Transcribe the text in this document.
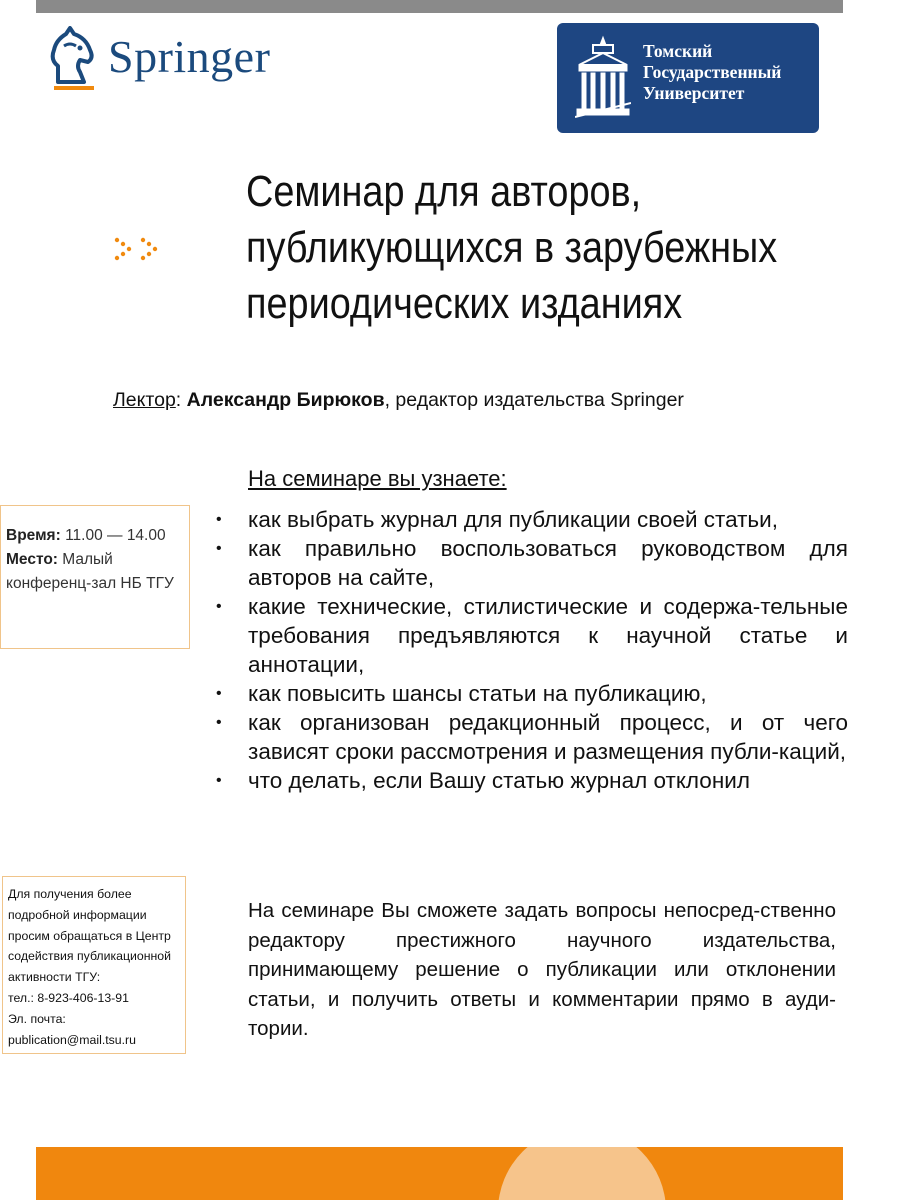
Springer	Томский
Государственный
Университет
Семинар для авторов,
публикующихся в зарубежных
периодических изданиях
Лектор: Александр Бирюков, редактор издательства Springer
На семинаре вы узнаете:
• как выбрать журнал для публикации своей статьи,
• как правильно воспользоваться руководством для авторов на сайте,
• какие технические, стилистические и содержа-тельные требования предъявляются к научной статье и аннотации,
• как повысить шансы статьи на публикацию,
• как организован редакционный процесс, и от чего зависят сроки рассмотрения и размещения публи-каций,
• что делать, если Вашу статью журнал отклонил
Время: 11.00 — 14.00
Место: Малый
конференц-зал НБ ТГУ
Для получения более
подробной информации
просим обращаться в Центр
содействия публикационной
активности ТГУ:
тел.: 8-923-406-13-91
Эл. почта:
publication@mail.tsu.ru
На семинаре Вы сможете задать вопросы непосред-ственно редактору престижного научного издательства, принимающему решение о публикации или отклонении статьи, и получить ответы и комментарии прямо в ауди-тории.
